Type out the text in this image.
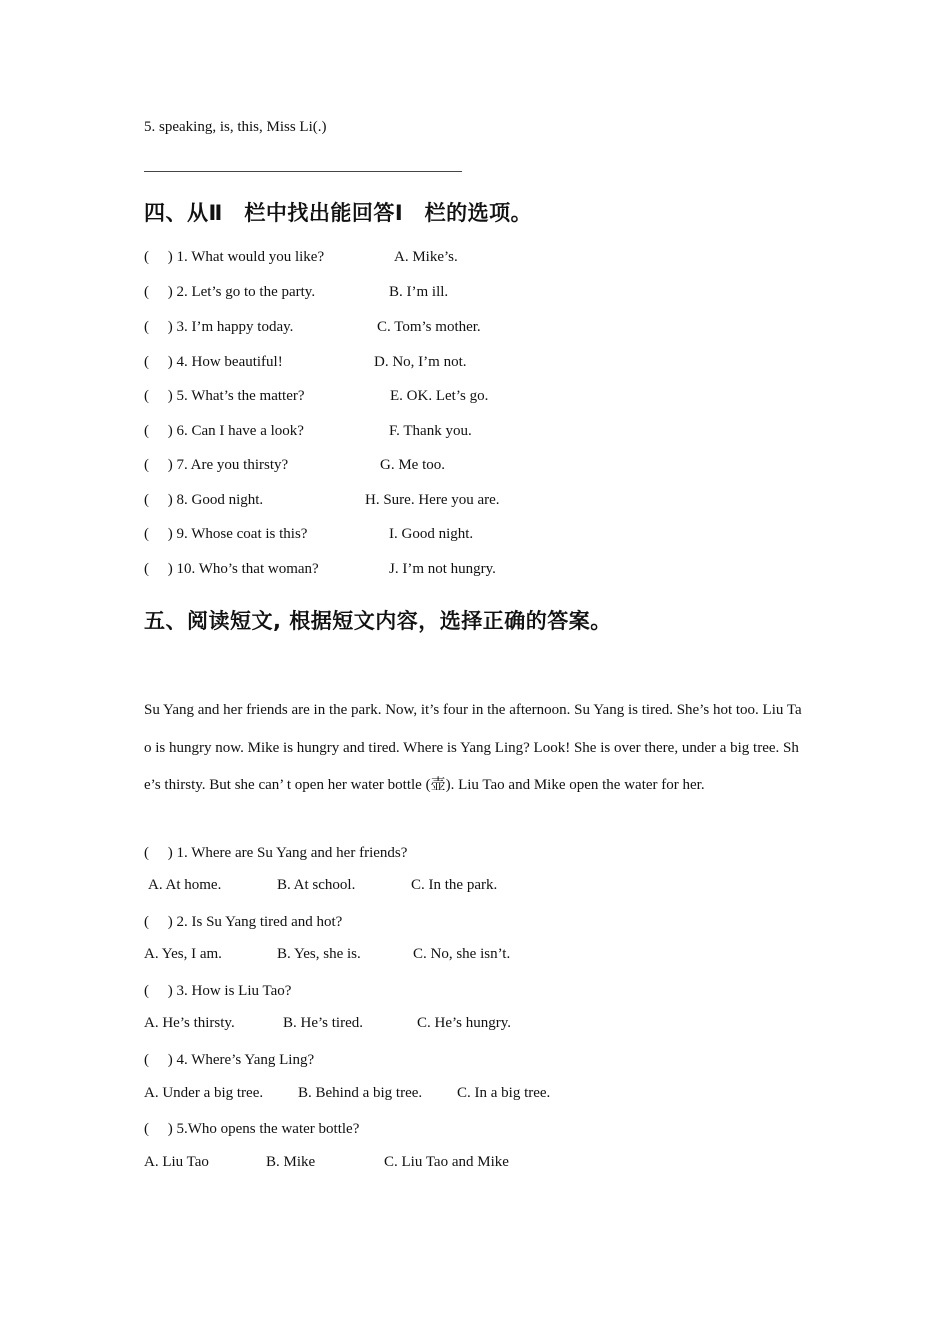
5. speaking, is, this, Miss Li(.)
四、从Ⅱ　栏中找出能回答Ⅰ　栏的选项。
(     ) 1. What would you like?	A. Mike’s.
(     ) 2. Let’s go to the party.	B. I’m ill.
(     ) 3. I’m happy today.	C. Tom’s mother.
(     ) 4. How beautiful!	D. No, I’m not.
(     ) 5. What’s the matter?	E. OK. Let’s go.
(     ) 6. Can I have a look?	F. Thank you.
(     ) 7. Are you thirsty?	G. Me too.
(     ) 8. Good night.	H. Sure. Here you are.
(     ) 9. Whose coat is this?	I. Good night.
(     ) 10. Who’s that woman?	J. I’m not hungry.
五、阅读短文, 根据短文内容，选择正确的答案。
Su Yang and her friends are in the park. Now, it’s four in the afternoon. Su Yang is tired. She’s hot too. Liu Tao is hungry now. Mike is hungry and tired. Where is Yang Ling? Look! She is over there, under a big tree. She’s thirsty. But she can’ t open her water bottle (壶). Liu Tao and Mike open the water for her.
(     ) 1. Where are Su Yang and her friends?
A. At home.	B. At school.	C. In the park.
(     ) 2. Is Su Yang tired and hot?
A. Yes, I am.	B. Yes, she is.	C. No, she isn’t.
(     ) 3. How is Liu Tao?
A. He’s thirsty.	B. He’s tired.	C. He’s hungry.
(     ) 4. Where’s Yang Ling?
A. Under a big tree. B. Behind a big tree. C. In a big tree.
(     ) 5.Who opens the water bottle?
A. Liu Tao	B. Mike	C. Liu Tao and Mike
